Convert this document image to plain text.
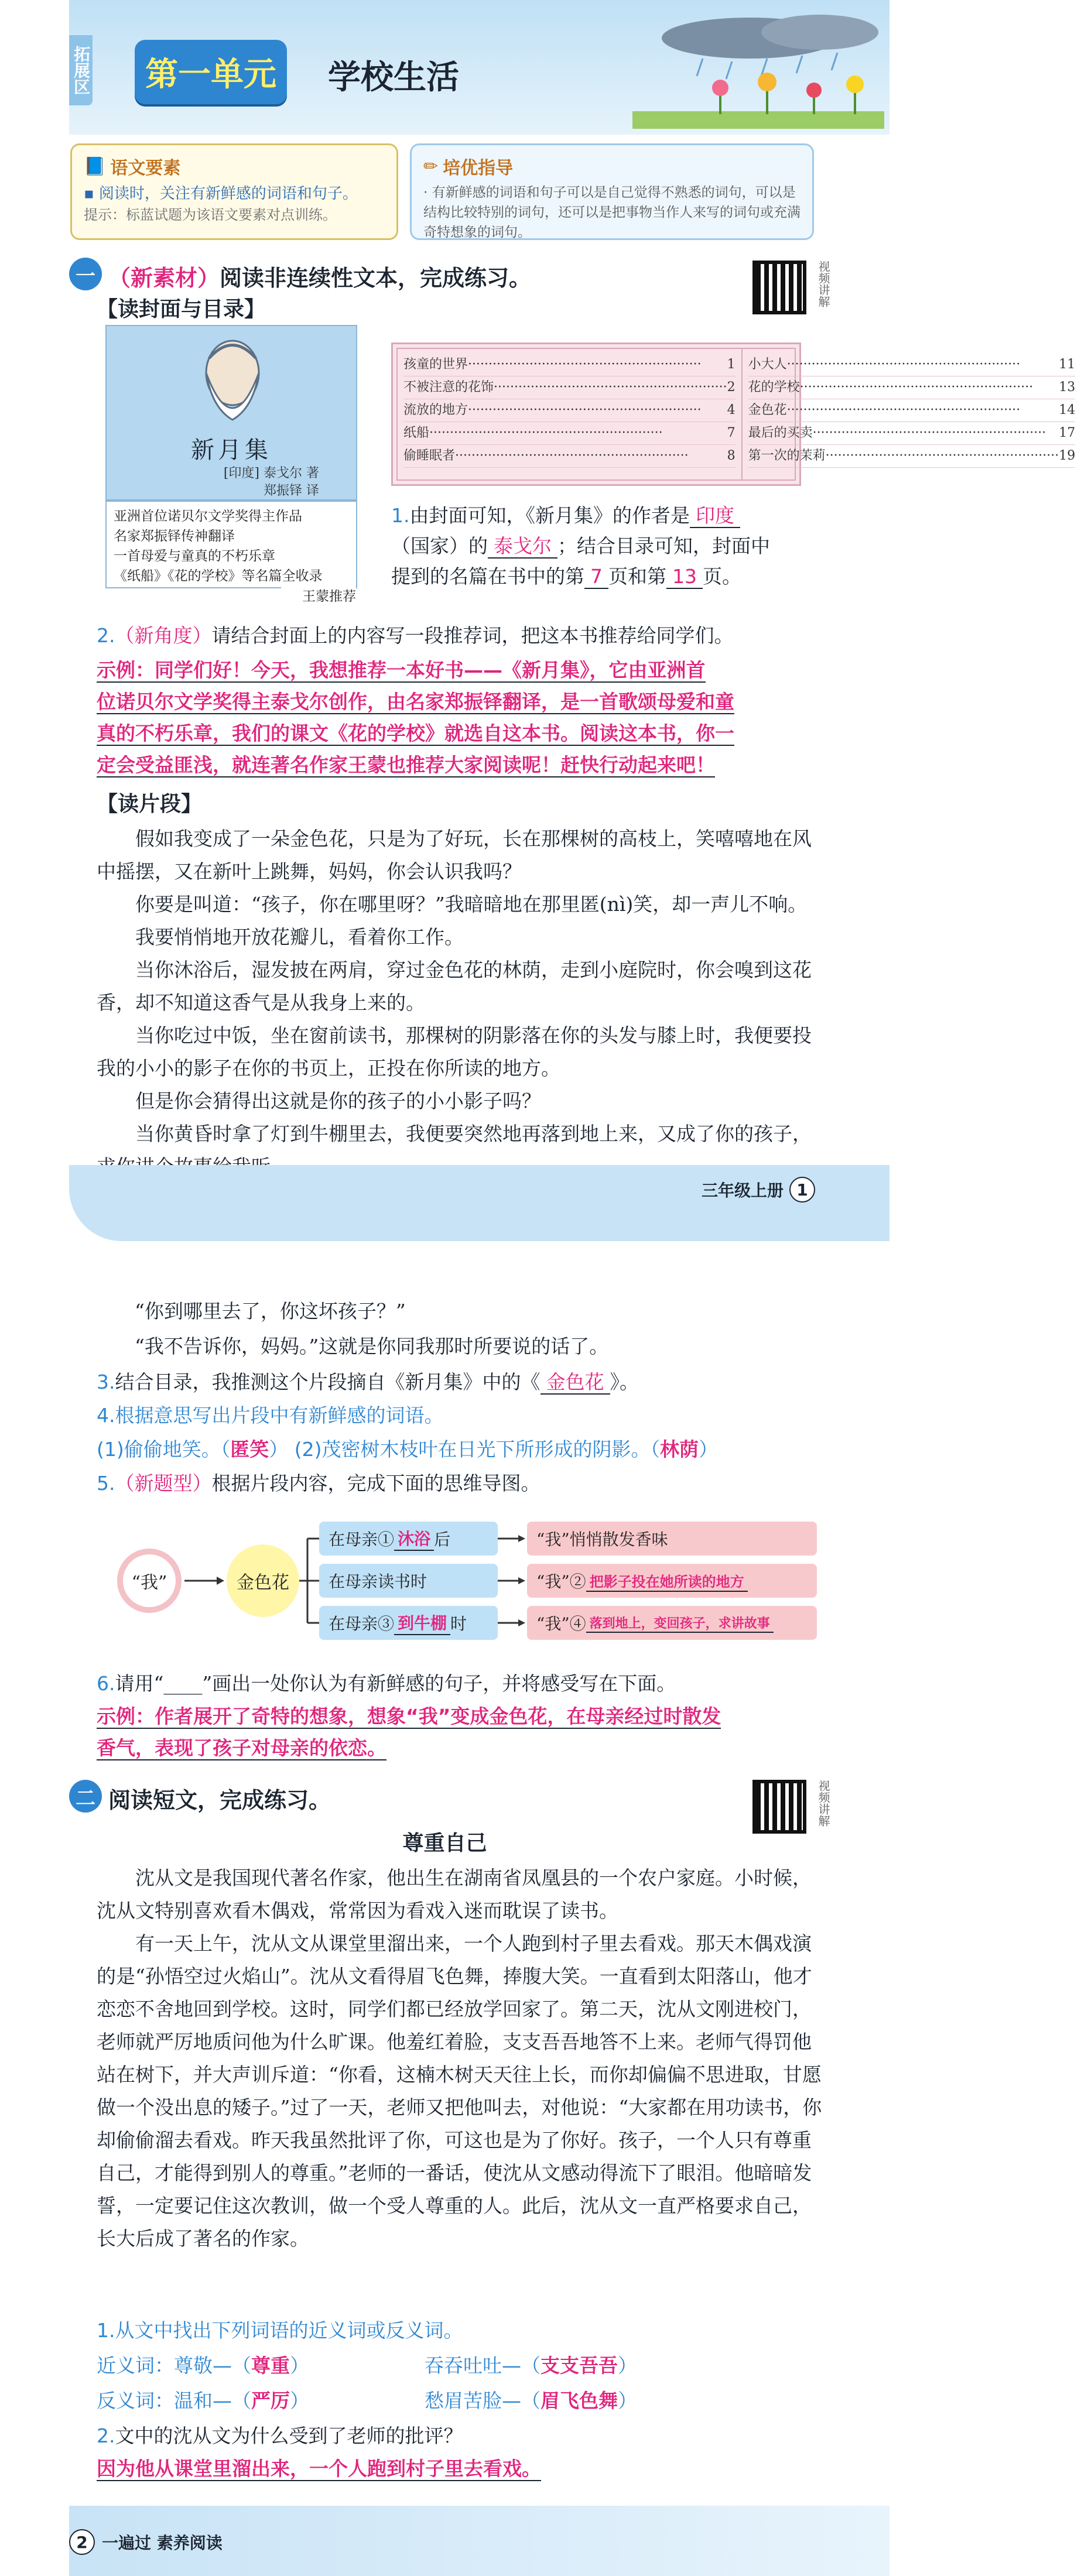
拓展区	第一单元	学校生活
📘 语文要素

▪ 阅读时，关注有新鲜感的词语和句子。

提示：标蓝试题为该语文要素对点训练。

✏ 培优指导

· 有新鲜感的词语和句子可以是自己觉得不熟悉的词句，可以是结构比较特别的词句，还可以是把事物当作人来写的词句或充满奇特想象的词句。

一 （新素材）阅读非连续性文本，完成练习。	视频讲解
【读封面与目录】
新月集
[印度] 泰戈尔 著
郑振铎 译
亚洲首位诺贝尔文学奖得主作品
名家郑振铎传神翻译
一首母爱与童真的不朽乐章
《纸船》《花的学校》等名篇全收录
王蒙推荐
孩童的世界 ·····	1
不被注意的花饰 ·····	2
流放的地方 ·····	4
纸船 ·····	7
偷睡眠者 ·····	8
小大人 ·····	11
花的学校 ·····	13
金色花 ·····	14
最后的买卖 ·····	17
第一次的茉莉 ·····	19
1.由封面可知，《新月集》的作者是 印度
（国家）的 泰戈尔 ；结合目录可知，封面中
提到的名篇在书中的第 7 页和第 13 页。
2.（新角度）请结合封面上的内容写一段推荐词，把这本书推荐给同学们。
示例：同学们好！今天，我想推荐一本好书——《新月集》，它由亚洲首
位诺贝尔文学奖得主泰戈尔创作，由名家郑振铎翻译，是一首歌颂母爱和童
真的不朽乐章，我们的课文《花的学校》就选自这本书。阅读这本书，你一
定会受益匪浅，就连著名作家王蒙也推荐大家阅读呢！赶快行动起来吧！
【读片段】

假如我变成了一朵金色花，只是为了好玩，长在那棵树的高枝上，笑嘻嘻地在风中摇摆，又在新叶上跳舞，妈妈，你会认识我吗？

你要是叫道：“孩子，你在哪里呀？”我暗暗地在那里匿(nì)笑，却一声儿不响。

我要悄悄地开放花瓣儿，看着你工作。

当你沐浴后，湿发披在两肩，穿过金色花的林荫，走到小庭院时，你会嗅到这花香，却不知道这香气是从我身上来的。

当你吃过中饭，坐在窗前读书，那棵树的阴影落在你的头发与膝上时，我便要投我的小小的影子在你的书页上，正投在你所读的地方。

但是你会猜得出这就是你的孩子的小小影子吗？

当你黄昏时拿了灯到牛棚里去，我便要突然地再落到地上来，又成了你的孩子，

三年级上册 1
“你到哪里去了，你这坏孩子？”
“我不告诉你，妈妈。”这就是你同我那时所要说的话了。
3.结合目录，我推测这个片段摘自《新月集》中的《 金色花 》。
4.根据意思写出片段中有新鲜感的词语。
(1)偷偷地笑。（匿笑） (2)茂密树木枝叶在日光下所形成的阴影。（林荫）
5.（新题型）根据片段内容，完成下面的思维导图。
“我”	金色花
在母亲① 沐浴 后	“我”悄悄散发香味
在母亲读书时	“我”② 把影子投在她所读的地方
在母亲③ 到牛棚 时	“我”④ 落到地上，变回孩子，求讲故事
6.请用“____”画出一处你认为有新鲜感的句子，并将感受写在下面。
示例：作者展开了奇特的想象，想象“我”变成金色花，在母亲经过时散发
香气，表现了孩子对母亲的依恋。
二 阅读短文，完成练习。	视频讲解
尊重自己

沈从文是我国现代著名作家，他出生在湖南省凤凰县的一个农户家庭。小时候，沈从文特别喜欢看木偶戏，常常因为看戏入迷而耽误了读书。

有一天上午，沈从文从课堂里溜出来，一个人跑到村子里去看戏。那天木偶戏演的是“孙悟空过火焰山”。沈从文看得眉飞色舞，捧腹大笑。一直看到太阳落山，他才恋恋不舍地回到学校。这时，同学们都已经放学回家了。第二天，沈从文刚进校门，老师就严厉地质问他为什么旷课。他羞红着脸，支支吾吾地答不上来。老师气得罚他站在树下，并大声训斥道：“你看，这楠木树天天往上长，而你却偏偏不思进取，甘愿做一个没出息的矮子。”过了一天，老师又把他叫去，对他说：“大家都在用功读书，你却偷偷溜去看戏。昨天我虽然批评了你，可这也是为了你好。孩子，一个人只有尊重自己，才能得到别人的尊重。”老师的一番话，使沈从文感动得流下了眼泪。他暗暗发誓，一定要记住这次教训，做一个受人尊重的人。此后，沈从文一直严格要求自己，长大后成了著名的作家。

1.从文中找出下列词语的近义词或反义词。
近义词：尊敬—（尊重）	吞吞吐吐—（支支吾吾）
反义词：温和—（严厉）	愁眉苦脸—（眉飞色舞）
2.文中的沈从文为什么受到了老师的批评？
因为他从课堂里溜出来，一个人跑到村子里去看戏。
2 一遍过 素养阅读
